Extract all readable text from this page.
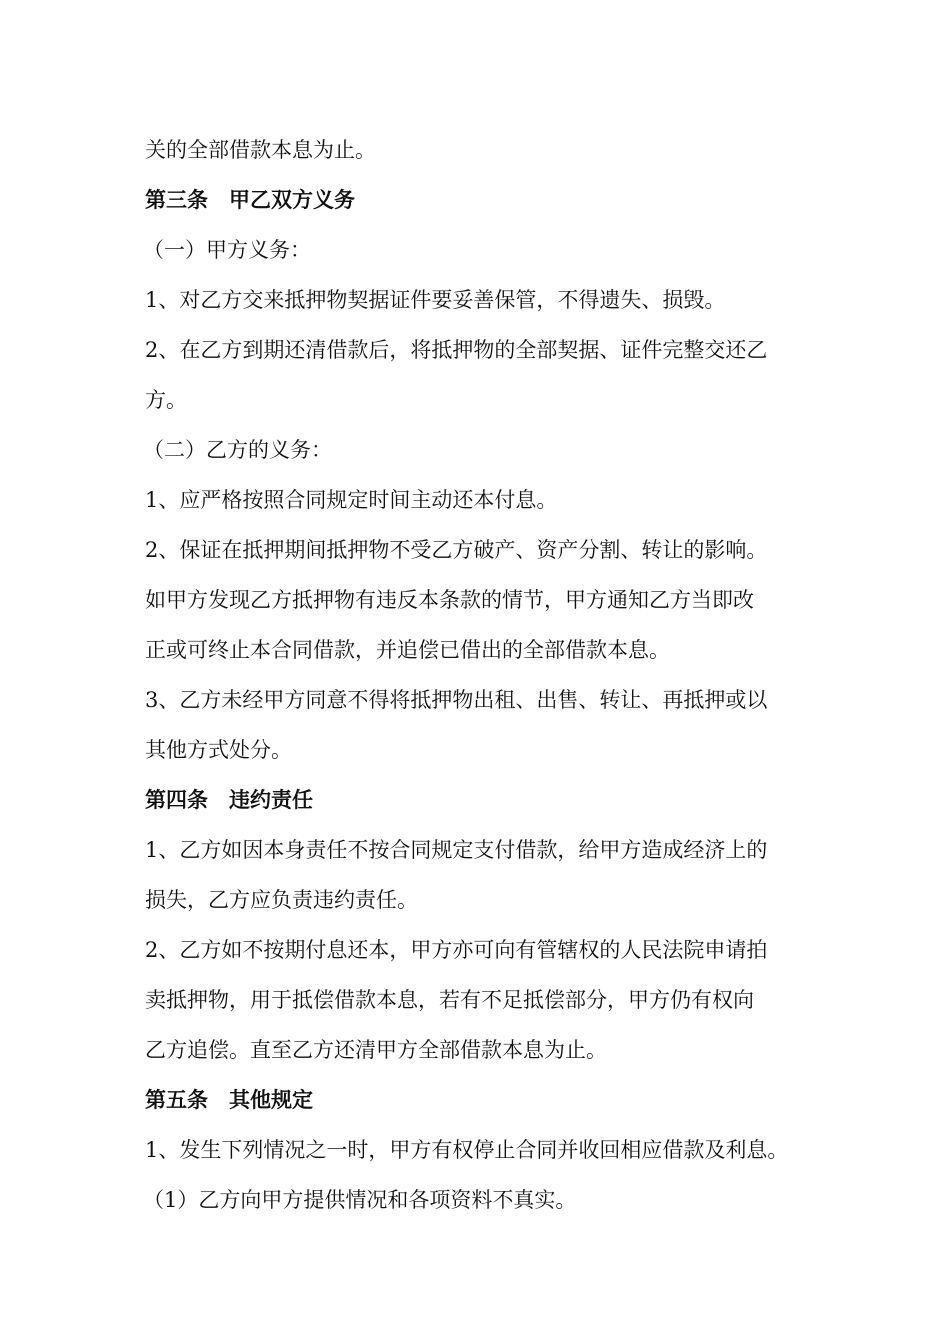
关的全部借款本息为止。

第三条　甲乙双方义务

（一）甲方义务：

1、对乙方交来抵押物契据证件要妥善保管，不得遗失、损毁。

2、在乙方到期还清借款后，将抵押物的全部契据、证件完整交还乙

方。

（二）乙方的义务：

1、应严格按照合同规定时间主动还本付息。

2、保证在抵押期间抵押物不受乙方破产、资产分割、转让的影响。

如甲方发现乙方抵押物有违反本条款的情节，甲方通知乙方当即改

正或可终止本合同借款，并追偿已借出的全部借款本息。

3、乙方未经甲方同意不得将抵押物出租、出售、转让、再抵押或以

其他方式处分。

第四条　违约责任

1、乙方如因本身责任不按合同规定支付借款，给甲方造成经济上的

损失，乙方应负责违约责任。

2、乙方如不按期付息还本，甲方亦可向有管辖权的人民法院申请拍

卖抵押物，用于抵偿借款本息，若有不足抵偿部分，甲方仍有权向

乙方追偿。直至乙方还清甲方全部借款本息为止。

第五条　其他规定

1、发生下列情况之一时，甲方有权停止合同并收回相应借款及利息。

（1）乙方向甲方提供情况和各项资料不真实。
